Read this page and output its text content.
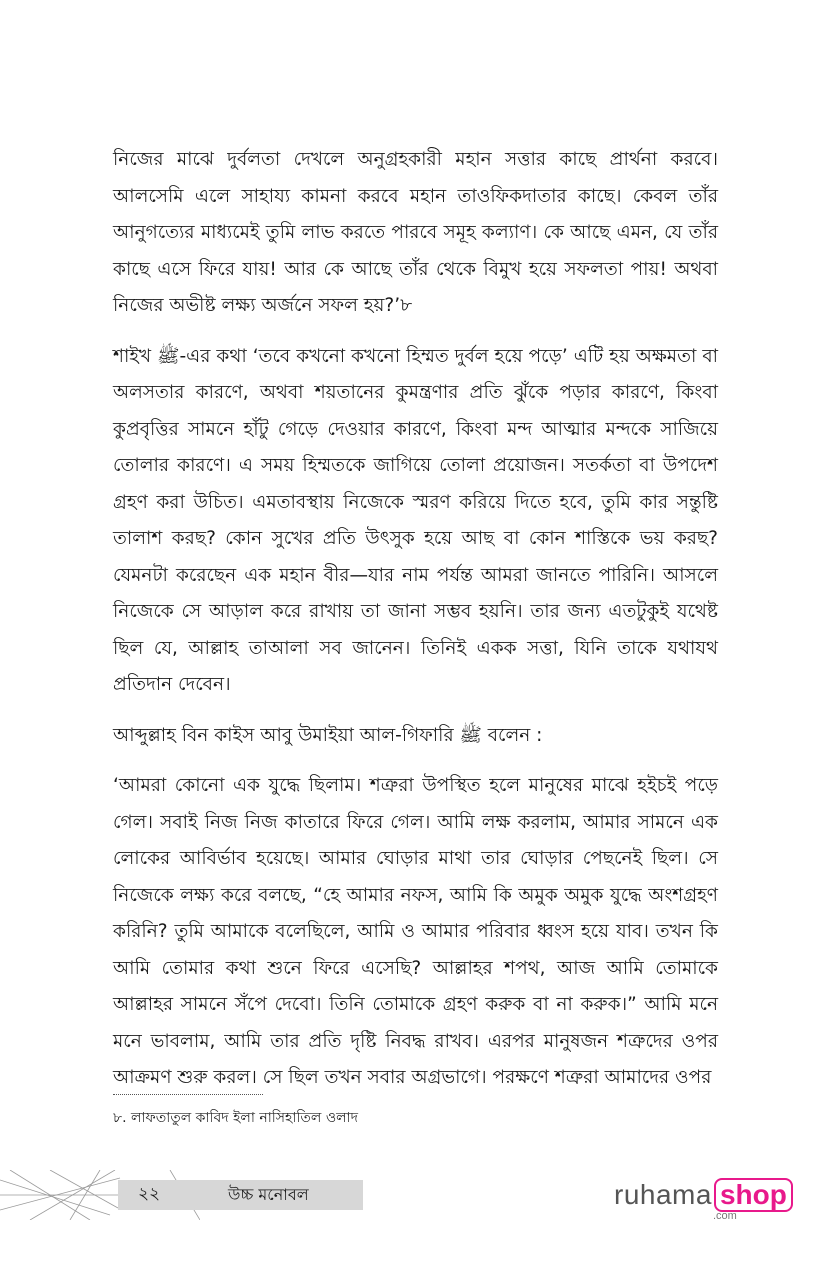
নিজের মাঝে দুর্বলতা দেখলে অনুগ্রহকারী মহান সত্তার কাছে প্রার্থনা করবে। আলসেমি এলে সাহায্য কামনা করবে মহান তাওফিকদাতার কাছে। কেবল তাঁর আনুগত্যের মাধ্যমেই তুমি লাভ করতে পারবে সমূহ কল্যাণ। কে আছে এমন, যে তাঁর কাছে এসে ফিরে যায়! আর কে আছে তাঁর থেকে বিমুখ হয়ে সফলতা পায়! অথবা নিজের অভীষ্ট লক্ষ্য অর্জনে সফল হয়?’৮

শাইখ ﷺ-এর কথা ‘তবে কখনো কখনো হিম্মত দুর্বল হয়ে পড়ে’ এটি হয় অক্ষমতা বা অলসতার কারণে, অথবা শয়তানের কুমন্ত্রণার প্রতি ঝুঁকে পড়ার কারণে, কিংবা কুপ্রবৃত্তির সামনে হাঁটু গেড়ে দেওয়ার কারণে, কিংবা মন্দ আত্মার মন্দকে সাজিয়ে তোলার কারণে। এ সময় হিম্মতকে জাগিয়ে তোলা প্রয়োজন। সতর্কতা বা উপদেশ গ্রহণ করা উচিত। এমতাবস্থায় নিজেকে স্মরণ করিয়ে দিতে হবে, তুমি কার সন্তুষ্টি তালাশ করছ? কোন সুখের প্রতি উৎসুক হয়ে আছ বা কোন শাস্তিকে ভয় করছ? যেমনটা করেছেন এক মহান বীর—যার নাম পর্যন্ত আমরা জানতে পারিনি। আসলে নিজেকে সে আড়াল করে রাখায় তা জানা সম্ভব হয়নি। তার জন্য এতটুকুই যথেষ্ট ছিল যে, আল্লাহ তাআলা সব জানেন। তিনিই একক সত্তা, যিনি তাকে যথাযথ প্রতিদান দেবেন।

আব্দুল্লাহ বিন কাইস আবু উমাইয়া আল-গিফারি ﷺ বলেন :

‘আমরা কোনো এক যুদ্ধে ছিলাম। শত্রুরা উপস্থিত হলে মানুষের মাঝে হইচই পড়ে গেল। সবাই নিজ নিজ কাতারে ফিরে গেল। আমি লক্ষ করলাম, আমার সামনে এক লোকের আবির্ভাব হয়েছে। আমার ঘোড়ার মাথা তার ঘোড়ার পেছনেই ছিল। সে নিজেকে লক্ষ্য করে বলছে, “হে আমার নফস, আমি কি অমুক অমুক যুদ্ধে অংশগ্রহণ করিনি? তুমি আমাকে বলেছিলে, আমি ও আমার পরিবার ধ্বংস হয়ে যাব। তখন কি আমি তোমার কথা শুনে ফিরে এসেছি? আল্লাহর শপথ, আজ আমি তোমাকে আল্লাহর সামনে সঁপে দেবো। তিনি তোমাকে গ্রহণ করুক বা না করুক।” আমি মনে মনে ভাবলাম, আমি তার প্রতি দৃষ্টি নিবদ্ধ রাখব। এরপর মানুষজন শত্রুদের ওপর আক্রমণ শুরু করল। সে ছিল তখন সবার অগ্রভাগে। পরক্ষণে শত্রুরা আমাদের ওপর

৮. লাফতাতুল কাবিদ ইলা নাসিহাতিল ওলাদ
২২	উচ্চ মনোবল	ruhama shop
.com
